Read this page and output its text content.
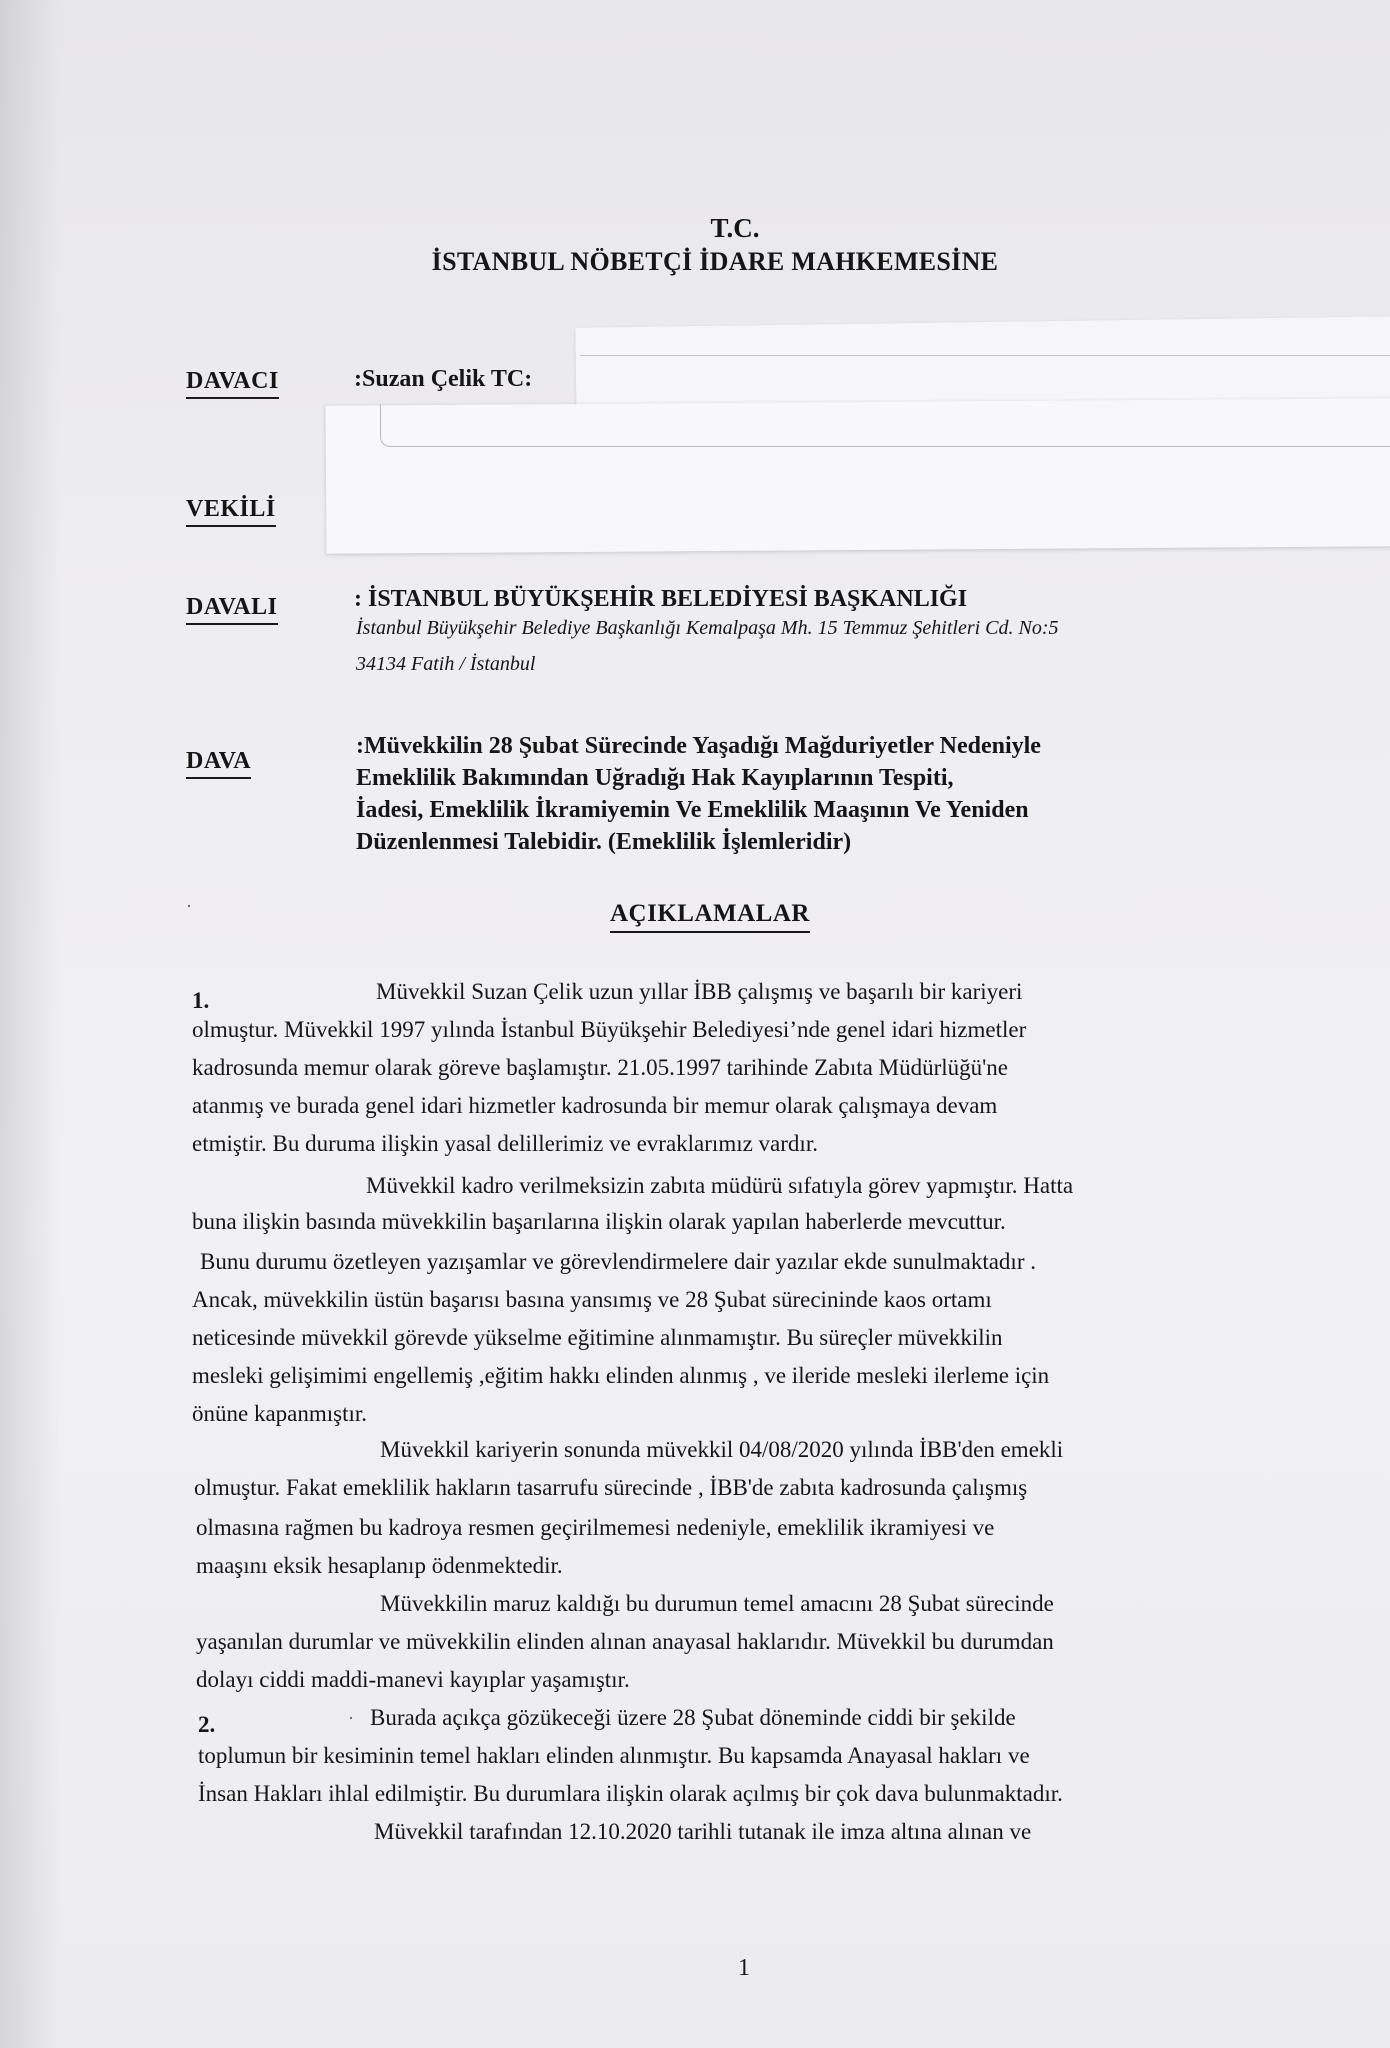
T.C.
İSTANBUL NÖBETÇİ İDARE MAHKEMESİNE
DAVACI	:Suzan Çelik TC:
VEKİLİ
DAVALI	: İSTANBUL BÜYÜKŞEHİR BELEDİYESİ BAŞKANLIĞI
İstanbul Büyükşehir Belediye Başkanlığı Kemalpaşa Mh. 15 Temmuz Şehitleri Cd. No:5
34134 Fatih / İstanbul
DAVA
:Müvekkilin 28 Şubat Sürecinde Yaşadığı Mağduriyetler Nedeniyle
Emeklilik Bakımından Uğradığı Hak Kayıplarının Tespiti,
İadesi, Emeklilik İkramiyemin Ve Emeklilik Maaşının Ve Yeniden
Düzenlenmesi Talebidir. (Emeklilik İşlemleridir)
·	AÇIKLAMALAR
1.	Müvekkil Suzan Çelik uzun yıllar İBB çalışmış ve başarılı bir kariyeri
olmuştur. Müvekkil 1997 yılında İstanbul Büyükşehir Belediyesi’nde genel idari hizmetler
kadrosunda memur olarak göreve başlamıştır. 21.05.1997 tarihinde Zabıta Müdürlüğü'ne
atanmış ve burada genel idari hizmetler kadrosunda bir memur olarak çalışmaya devam
etmiştir. Bu duruma ilişkin yasal delillerimiz ve evraklarımız vardır.
Müvekkil kadro verilmeksizin zabıta müdürü sıfatıyla görev yapmıştır. Hatta
buna ilişkin basında müvekkilin başarılarına ilişkin olarak yapılan haberlerde mevcuttur.
Bunu durumu özetleyen yazışamlar ve görevlendirmelere dair yazılar ekde sunulmaktadır .
Ancak, müvekkilin üstün başarısı basına yansımış ve 28 Şubat sürecininde kaos ortamı
neticesinde müvekkil görevde yükselme eğitimine alınmamıştır. Bu süreçler müvekkilin
mesleki gelişimimi engellemiş ,eğitim hakkı elinden alınmış , ve ileride mesleki ilerleme için
önüne kapanmıştır.
Müvekkil kariyerin sonunda müvekkil 04/08/2020 yılında İBB'den emekli
olmuştur. Fakat emeklilik hakların tasarrufu sürecinde , İBB'de zabıta kadrosunda çalışmış
olmasına rağmen bu kadroya resmen geçirilmemesi nedeniyle, emeklilik ikramiyesi ve
maaşını eksik hesaplanıp ödenmektedir.
Müvekkilin maruz kaldığı bu durumun temel amacını 28 Şubat sürecinde
yaşanılan durumlar ve müvekkilin elinden alınan anayasal haklarıdır. Müvekkil bu durumdan
dolayı ciddi maddi-manevi kayıplar yaşamıştır.
2.	· Burada açıkça gözükeceği üzere 28 Şubat döneminde ciddi bir şekilde
toplumun bir kesiminin temel hakları elinden alınmıştır. Bu kapsamda Anayasal hakları ve
İnsan Hakları ihlal edilmiştir. Bu durumlara ilişkin olarak açılmış bir çok dava bulunmaktadır.
Müvekkil tarafından 12.10.2020 tarihli tutanak ile imza altına alınan ve
1
